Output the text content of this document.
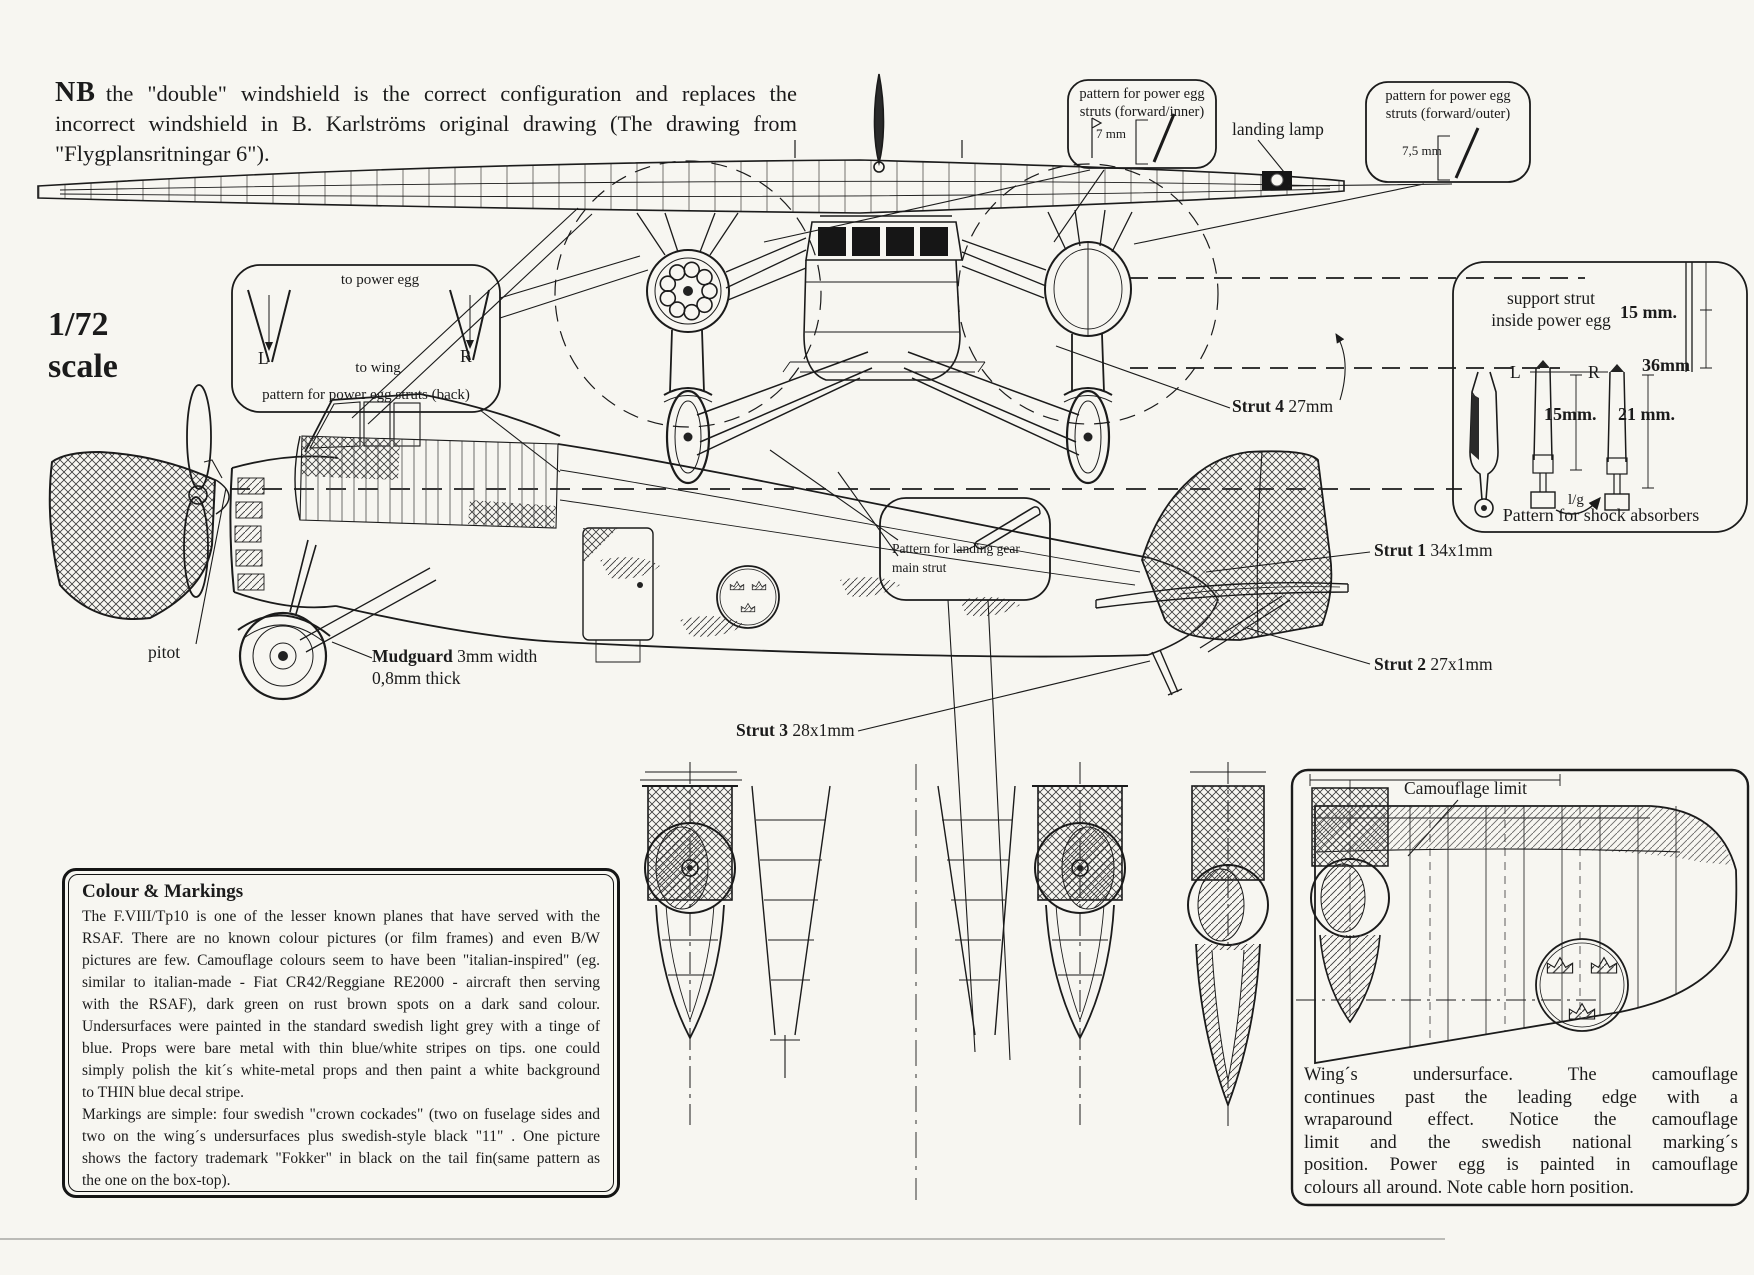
NB the "double" windshield is the correct configuration and replaces the incorrect windshield in B. Karlströms original drawing (The drawing from "Flygplansritningar 6").
1/72
scale
to power egg
L	to wing
R
pattern for power egg struts (back)
pattern for power egg
struts (forward/inner)
7 mm	landing lamp
pattern for power egg
struts (forward/outer)
7,5 mm
support strut
inside power egg 15 mm.
36mm
L	R
15mm. 21 mm.
l/g
Pattern for shock absorbers
Strut 4 27mm
Strut 1 34x1mm
Strut 2 27x1mm
Strut 3 28x1mm
pitot	Mudguard 3mm width
0,8mm thick
Pattern for landing gear
main strut
Colour & Markings
The F.VIII/Tp10 is one of the lesser known planes that have served with the
RSAF. There are no known colour pictures (or film frames) and even B/W
pictures are few. Camouflage colours seem to have been "italian-inspired" (eg.
similar to italian-made - Fiat CR42/Reggiane RE2000 - aircraft then serving
with the RSAF), dark green on rust brown spots on a dark sand colour.
Undersurfaces were painted in the standard swedish light grey with a tinge of
blue. Props were bare metal with thin blue/white stripes on tips. one could
simply polish the kit´s white-metal props and then paint a white background
to THIN blue decal stripe.
Markings are simple: four swedish "crown cockades" (two on fuselage sides and
two on the wing´s undersurfaces plus swedish-style black "11" . One picture
shows the factory trademark "Fokker" in black on the tail fin(same pattern as
the one on the box-top).
Camouflage limit
Wing´s undersurface. The camouflage
continues past the leading edge with a
wraparound effect. Notice the camouflage
limit and the swedish national marking´s
position. Power egg is painted in camouflage
colours all around. Note cable horn position.
